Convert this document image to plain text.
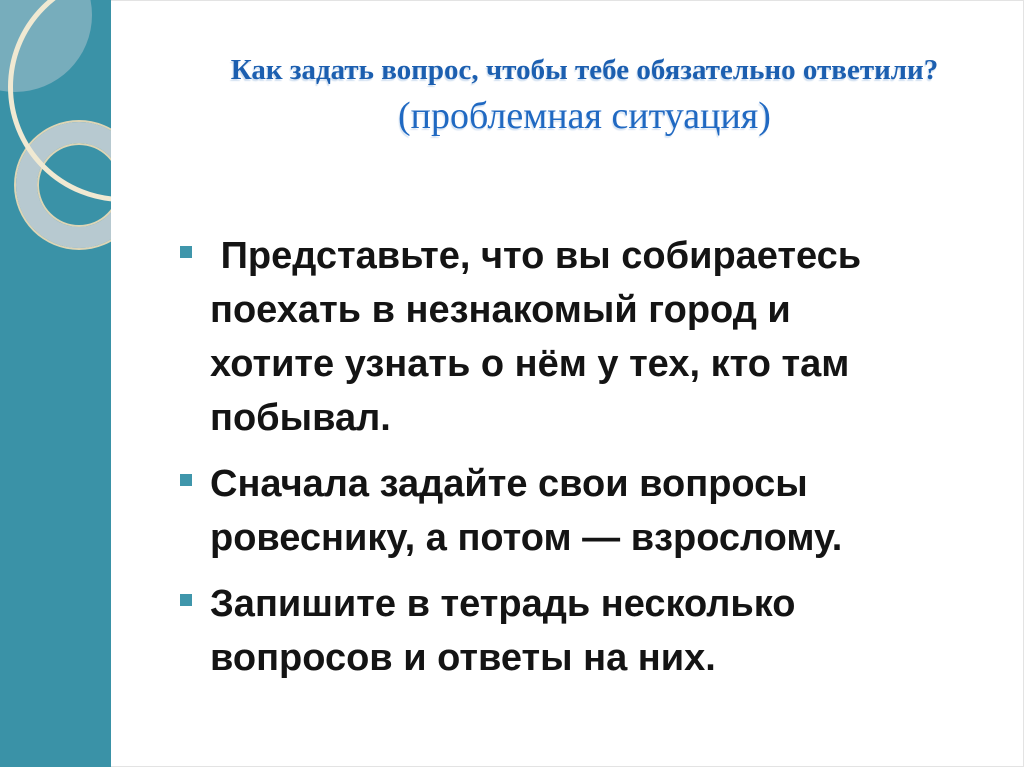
Как задать вопрос, чтобы тебе обязательно ответили?
(проблемная ситуация)
Представьте, что вы собираетесь поехать в незнакомый город и хотите узнать о нём у тех, кто там побывал.
Сначала задайте свои вопросы ровеснику, а потом — взрослому.
Запишите в тетрадь несколько вопросов и ответы на них.
